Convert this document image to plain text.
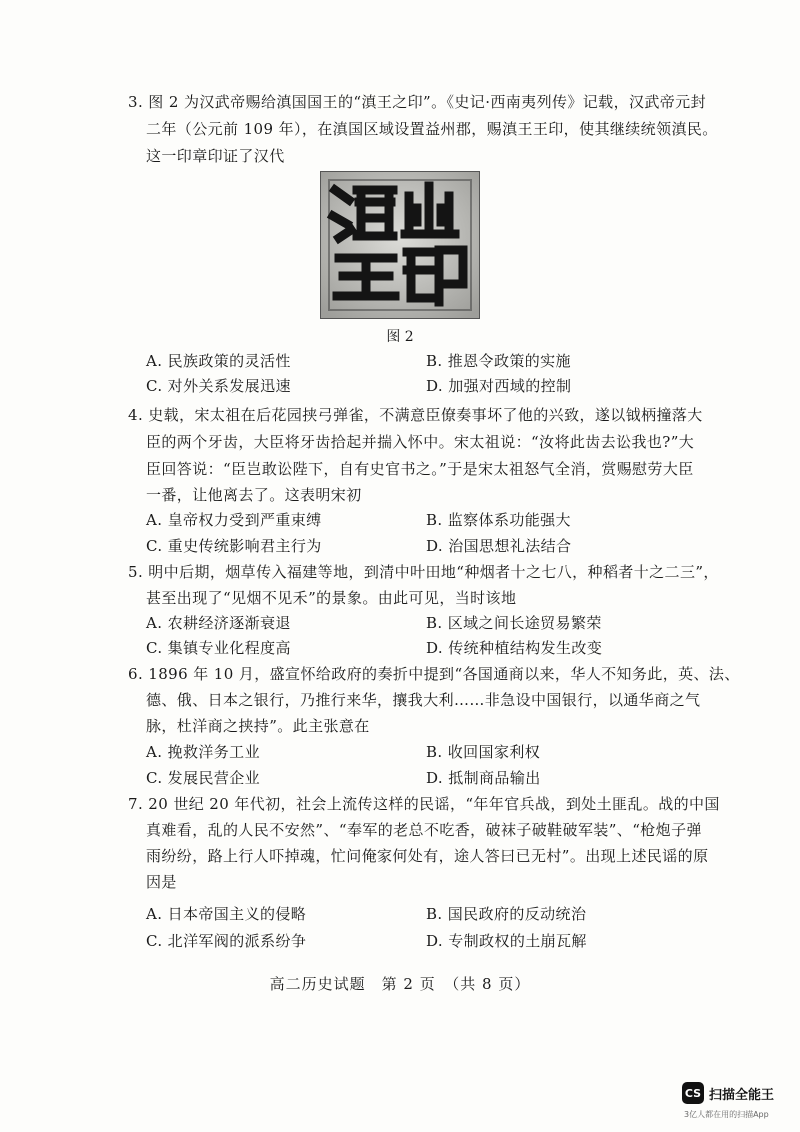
3. 图 2 为汉武帝赐给滇国国王的“滇王之印”。《史记·西南夷列传》记载，汉武帝元封
二年（公元前 109 年），在滇国区域设置益州郡，赐滇王王印，使其继续统领滇民。
这一印章印证了汉代
图 2
A. 民族政策的灵活性	B. 推恩令政策的实施
C. 对外关系发展迅速	D. 加强对西域的控制
4. 史载，宋太祖在后花园挟弓弹雀，不满意臣僚奏事坏了他的兴致，遂以钺柄撞落大
臣的两个牙齿，大臣将牙齿拾起并揣入怀中。宋太祖说：“汝将此齿去讼我也?”大
臣回答说：“臣岂敢讼陛下，自有史官书之。”于是宋太祖怒气全消，赏赐慰劳大臣
一番，让他离去了。这表明宋初
A. 皇帝权力受到严重束缚	B. 监察体系功能强大
C. 重史传统影响君主行为	D. 治国思想礼法结合
5. 明中后期，烟草传入福建等地，到清中叶田地“种烟者十之七八，种稻者十之二三”，
甚至出现了“见烟不见禾”的景象。由此可见，当时该地
A. 农耕经济逐渐衰退	B. 区域之间长途贸易繁荣
C. 集镇专业化程度高	D. 传统种植结构发生改变
6. 1896 年 10 月，盛宣怀给政府的奏折中提到“各国通商以来，华人不知务此，英、法、
德、俄、日本之银行，乃推行来华，攘我大利……非急设中国银行，以通华商之气
脉，杜洋商之挟持”。此主张意在
A. 挽救洋务工业	B. 收回国家利权
C. 发展民营企业	D. 抵制商品输出
7. 20 世纪 20 年代初，社会上流传这样的民谣，“年年官兵战，到处土匪乱。战的中国
真难看，乱的人民不安然”、“奉军的老总不吃香，破袜子破鞋破军装”、“枪炮子弹
雨纷纷，路上行人吓掉魂，忙问俺家何处有，途人答曰已无村”。出现上述民谣的原
因是
A. 日本帝国主义的侵略	B. 国民政府的反动统治
C. 北洋军阀的派系纷争	D. 专制政权的土崩瓦解
高二历史试题　第 2 页　（共 8 页）
CS 扫描全能王
3亿人都在用的扫描App
